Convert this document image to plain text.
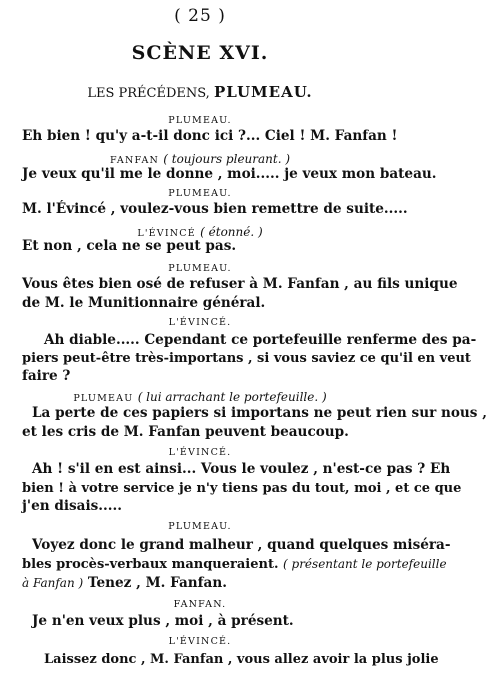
( 25 )
SCÈNE XVI.
LES PRÉCÉDENS, PLUMEAU.
PLUMEAU.
Eh bien ! qu'y a-t-il donc ici ?... Ciel ! M. Fanfan !
FANFAN ( toujours pleurant. )
Je veux qu'il me le donne , moi..... je veux mon bateau.
PLUMEAU.
M. l'Évincé , voulez-vous bien remettre de suite.....
L'ÉVINCÉ ( étonné. )
Et non , cela ne se peut pas.
PLUMEAU.
Vous êtes bien osé de refuser à M. Fanfan , au fils unique
de M. le Munitionnaire général.
L'ÉVINCÉ.
Ah diable..... Cependant ce portefeuille renferme des pa-
piers peut-être très-importans , si vous saviez ce qu'il en veut
faire ?
PLUMEAU ( lui arrachant le portefeuille. )
La perte de ces papiers si importans ne peut rien sur nous ,
et les cris de M. Fanfan peuvent beaucoup.
L'ÉVINCÉ.
Ah ! s'il en est ainsi... Vous le voulez , n'est-ce pas ? Eh
bien ! à votre service je n'y tiens pas du tout, moi , et ce que
j'en disais.....
PLUMEAU.
Voyez donc le grand malheur , quand quelques miséra-
bles procès-verbaux manqueraient. ( présentant le portefeuille
à Fanfan ) Tenez , M. Fanfan.
FANFAN.
Je n'en veux plus , moi , à présent.
L'ÉVINCÉ.
Laissez donc , M. Fanfan , vous allez avoir la plus jolie
